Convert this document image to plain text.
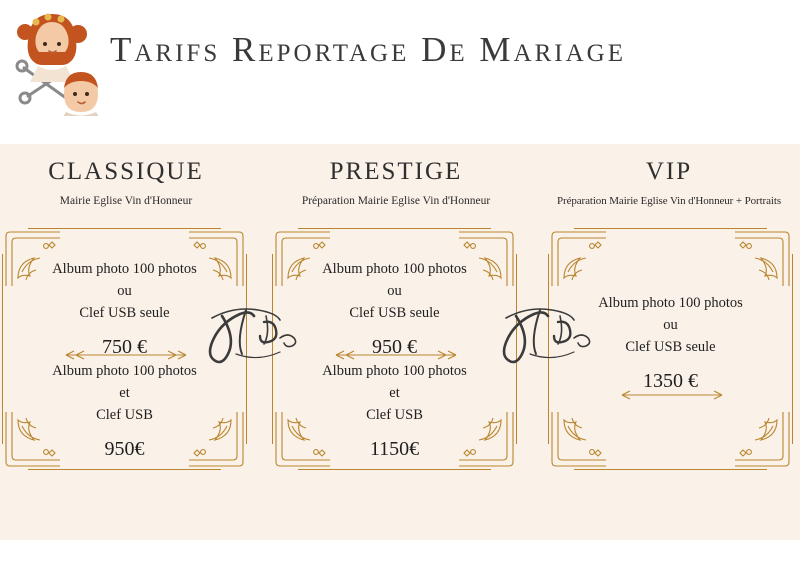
Tarifs Reportage De Mariage
CLASSIQUE
Mairie Eglise Vin d'Honneur
PRESTIGE
Préparation Mairie Eglise Vin d'Honneur
VIP
Préparation Mairie Eglise Vin d'Honneur + Portraits
Album photo 100 photos
ou
Clef USB seule
750 €
Album photo 100 photos
et
Clef USB
950€
Album photo 100 photos
ou
Clef USB seule
950 €
Album photo 100 photos
et
Clef USB
1150€
Album photo 100 photos
ou
Clef USB seule
1350 €
